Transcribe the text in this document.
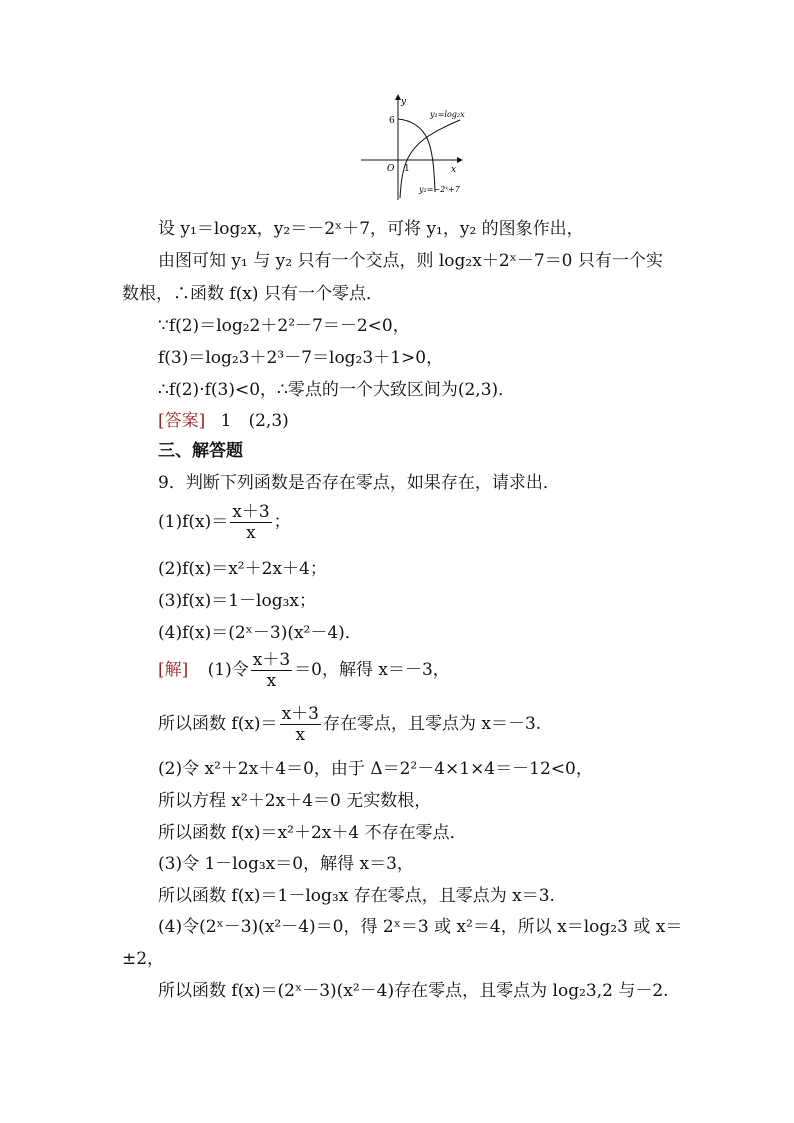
y
x
O
6
1
y₁=log₂x
y₂=−2ˣ+7
设 y₁＝log₂x，y₂＝－2ˣ＋7，可将 y₁，y₂ 的图象作出，
由图可知 y₁ 与 y₂ 只有一个交点，则 log₂x＋2ˣ－7＝0 只有一个实
数根，∴函数 f(x) 只有一个零点．
∵f(2)＝log₂2＋2²－7＝－2<0，
f(3)＝log₂3＋2³－7＝log₂3＋1>0，
∴f(2)·f(3)<0，∴零点的一个大致区间为(2,3)．
[答案] 1　(2,3)
三、解答题
9．判断下列函数是否存在零点，如果存在，请求出．
$(1)f(x)= \frac{x+3}{x}$ ；
(2)f(x)＝x²＋2x＋4；
(3)f(x)＝1－log₃x；
(4)f(x)＝(2ˣ－3)(x²－4)．
[解] (1)令 $\frac{x+3}{x} =0$，解得 x＝－3，
所以函数 $f(x)= \frac{x+3}{x}$ 存在零点，且零点为 x＝－3.
(2)令 x²＋2x＋4＝0，由于 Δ＝2²－4×1×4＝－12<0，
所以方程 x²＋2x＋4＝0 无实数根，
所以函数 f(x)＝x²＋2x＋4 不存在零点．
(3)令 1－log₃x＝0，解得 x＝3，
所以函数 f(x)＝1－log₃x 存在零点，且零点为 x＝3.
(4)令(2ˣ－3)(x²－4)＝0，得 2ˣ＝3 或 x²＝4，所以 x＝log₂3 或 x＝
±2，
所以函数 f(x)＝(2ˣ－3)(x²－4)存在零点，且零点为 log₂3,2 与－2.
